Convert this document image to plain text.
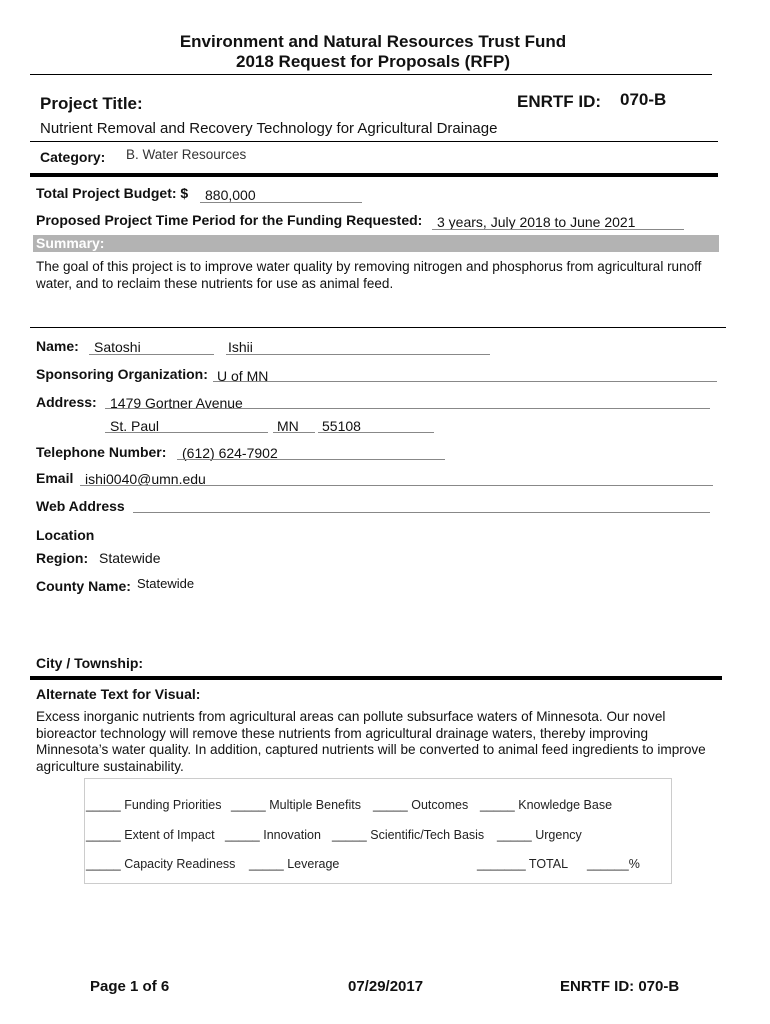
Environment and Natural Resources Trust Fund
2018 Request for Proposals (RFP)
Project Title:	ENRTF ID: 070-B
Nutrient Removal and Recovery Technology for Agricultural Drainage
Category: B. Water Resources
Total Project Budget: $ 880,000
Proposed Project Time Period for the Funding Requested: 3 years, July 2018 to June 2021
Summary:
The goal of this project is to improve water quality by removing nitrogen and phosphorus from agricultural runoff water, and to reclaim these nutrients for use as animal feed.
Name: Satoshi	Ishii
Sponsoring Organization: U of MN
Address: 1479 Gortner Avenue
St. Paul	MN 55108
Telephone Number: (612) 624-7902
Email ishi0040@umn.edu
Web Address
Location
Region: Statewide
County Name: Statewide
City / Township:
Alternate Text for Visual:
Excess inorganic nutrients from agricultural areas can pollute subsurface waters of Minnesota. Our novel bioreactor technology will remove these nutrients from agricultural drainage waters, thereby improving Minnesota’s water quality. In addition, captured nutrients will be converted to animal feed ingredients to improve agriculture sustainability.
_____ Funding Priorities _____ Multiple Benefits _____ Outcomes _____ Knowledge Base
_____ Extent of Impact _____ Innovation _____ Scientific/Tech Basis _____ Urgency
_____ Capacity Readiness _____ Leverage	_______ TOTAL ______%
Page 1 of 6	07/29/2017	ENRTF ID: 070-B
